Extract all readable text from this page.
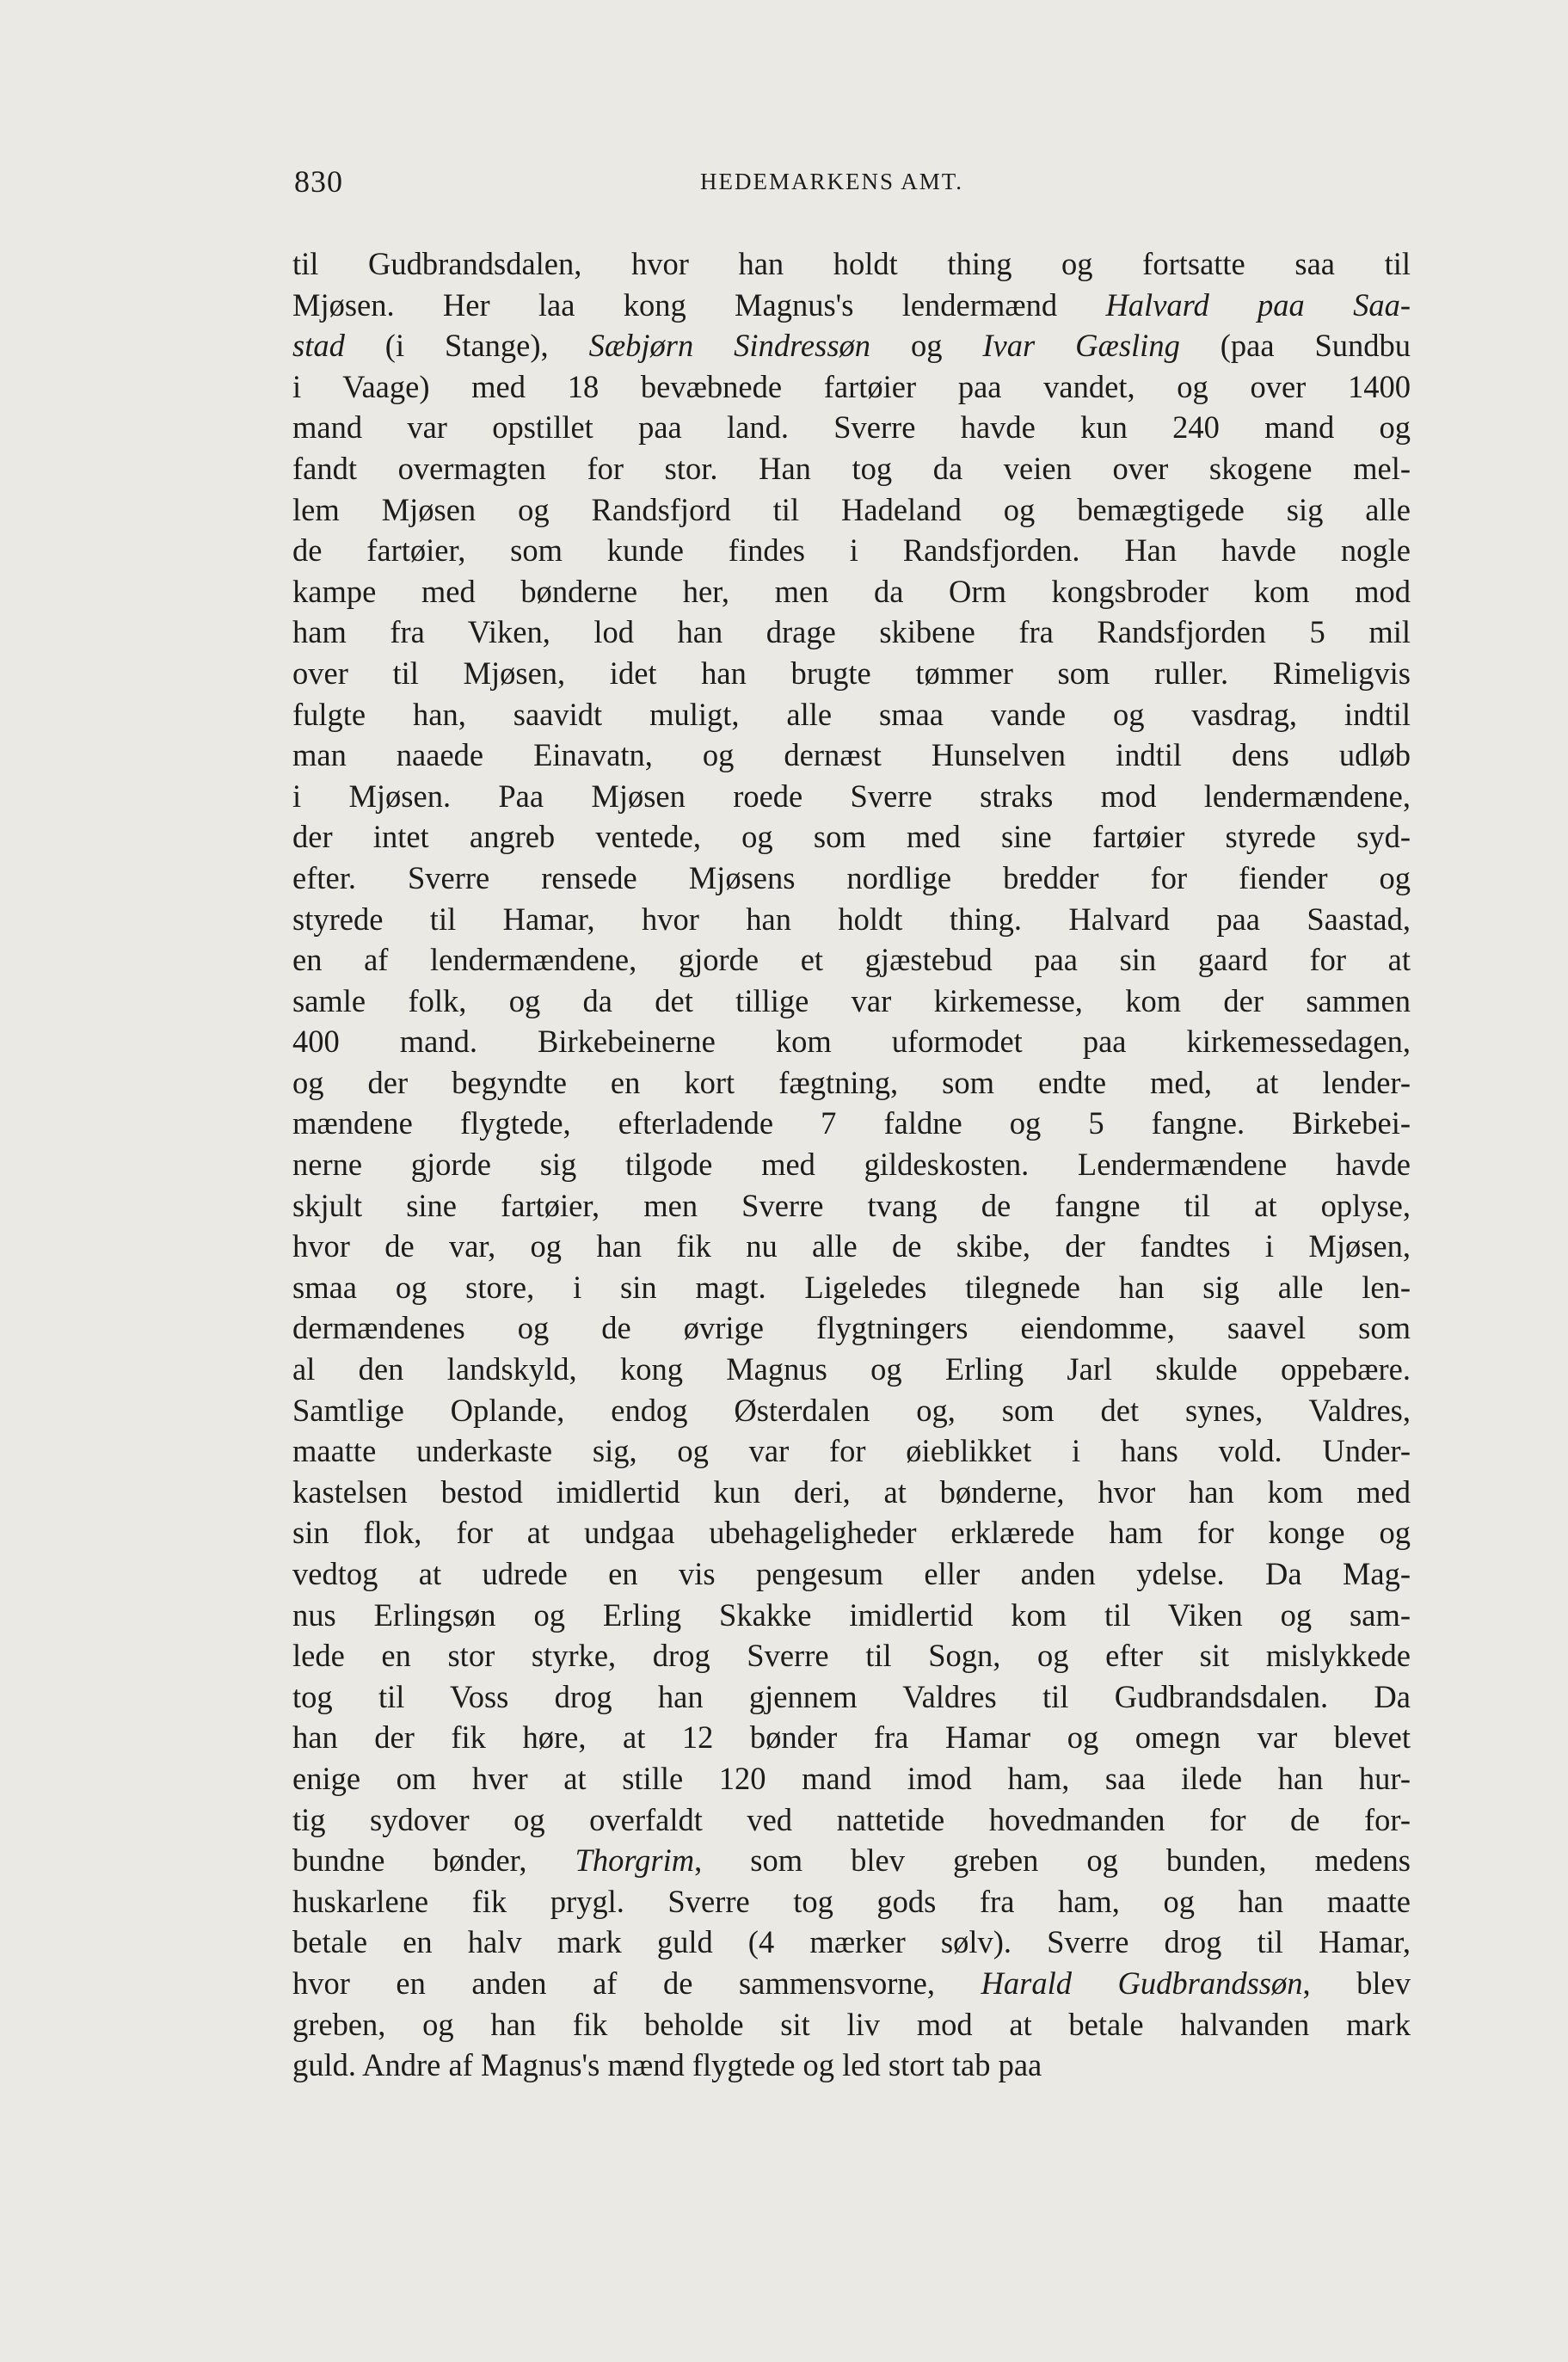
830	HEDEMARKENS AMT.
til Gudbrandsdalen, hvor han holdt thing og fortsatte saa til
Mjøsen. Her laa kong Magnus's lendermænd Halvard paa Saa-
stad (i Stange), Sæbjørn Sindressøn og Ivar Gæsling (paa Sundbu
i Vaage) med 18 bevæbnede fartøier paa vandet, og over 1400
mand var opstillet paa land. Sverre havde kun 240 mand og
fandt overmagten for stor. Han tog da veien over skogene mel-
lem Mjøsen og Randsfjord til Hadeland og bemægtigede sig alle
de fartøier, som kunde findes i Randsfjorden. Han havde nogle
kampe med bønderne her, men da Orm kongsbroder kom mod
ham fra Viken, lod han drage skibene fra Randsfjorden 5 mil
over til Mjøsen, idet han brugte tømmer som ruller. Rimeligvis
fulgte han, saavidt muligt, alle smaa vande og vasdrag, indtil
man naaede Einavatn, og dernæst Hunselven indtil dens udløb
i Mjøsen. Paa Mjøsen roede Sverre straks mod lendermændene,
der intet angreb ventede, og som med sine fartøier styrede syd-
efter. Sverre rensede Mjøsens nordlige bredder for fiender og
styrede til Hamar, hvor han holdt thing. Halvard paa Saastad,
en af lendermændene, gjorde et gjæstebud paa sin gaard for at
samle folk, og da det tillige var kirkemesse, kom der sammen
400 mand. Birkebeinerne kom uformodet paa kirkemessedagen,
og der begyndte en kort fægtning, som endte med, at lender-
mændene flygtede, efterladende 7 faldne og 5 fangne. Birkebei-
nerne gjorde sig tilgode med gildeskosten. Lendermændene havde
skjult sine fartøier, men Sverre tvang de fangne til at oplyse,
hvor de var, og han fik nu alle de skibe, der fandtes i Mjøsen,
smaa og store, i sin magt. Ligeledes tilegnede han sig alle len-
dermændenes og de øvrige flygtningers eiendomme, saavel som
al den landskyld, kong Magnus og Erling Jarl skulde oppebære.
Samtlige Oplande, endog Østerdalen og, som det synes, Valdres,
maatte underkaste sig, og var for øieblikket i hans vold. Under-
kastelsen bestod imidlertid kun deri, at bønderne, hvor han kom med
sin flok, for at undgaa ubehageligheder erklærede ham for konge og
vedtog at udrede en vis pengesum eller anden ydelse. Da Mag-
nus Erlingsøn og Erling Skakke imidlertid kom til Viken og sam-
lede en stor styrke, drog Sverre til Sogn, og efter sit mislykkede
tog til Voss drog han gjennem Valdres til Gudbrandsdalen. Da
han der fik høre, at 12 bønder fra Hamar og omegn var blevet
enige om hver at stille 120 mand imod ham, saa ilede han hur-
tig sydover og overfaldt ved nattetide hovedmanden for de for-
bundne bønder, Thorgrim, som blev greben og bunden, medens
huskarlene fik prygl. Sverre tog gods fra ham, og han maatte
betale en halv mark guld (4 mærker sølv). Sverre drog til Hamar,
hvor en anden af de sammensvorne, Harald Gudbrandssøn, blev
greben, og han fik beholde sit liv mod at betale halvanden mark
guld. Andre af Magnus's mænd flygtede og led stort tab paa
